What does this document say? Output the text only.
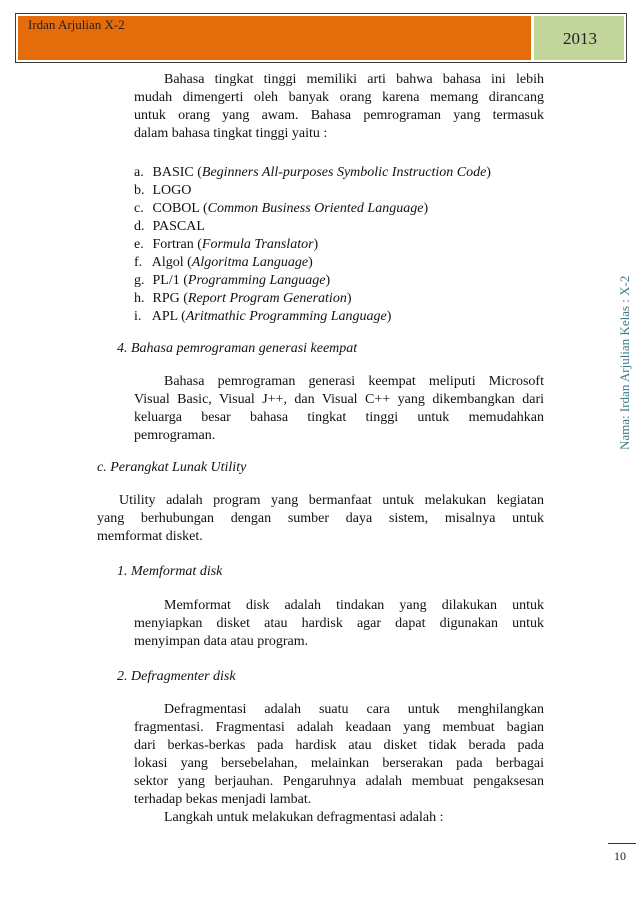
Irdan Arjulian X-2
2013
Nama: Irdan Arjulian Kelas : X-2
Bahasa tingkat tinggi memiliki arti bahwa bahasa ini lebih
mudah dimengerti oleh banyak orang karena memang dirancang
untuk orang yang awam. Bahasa pemrograman yang termasuk
dalam bahasa tingkat tinggi yaitu :
a. BASIC (Beginners All-purposes Symbolic Instruction Code)
b. LOGO
c. COBOL (Common Business Oriented Language)
d. PASCAL
e. Fortran (Formula Translator)
f. Algol (Algoritma Language)
g. PL/1 (Programming Language)
h. RPG (Report Program Generation)
i. APL (Aritmathic Programming Language)
4. Bahasa pemrograman generasi keempat
Bahasa pemrograman generasi keempat meliputi Microsoft
Visual Basic, Visual J++, dan Visual C++ yang dikembangkan dari
keluarga besar bahasa tingkat tinggi untuk memudahkan
pemrograman.
c. Perangkat Lunak Utility
Utility adalah program yang bermanfaat untuk melakukan kegiatan
yang berhubungan dengan sumber daya sistem, misalnya untuk
memformat disket.
1. Memformat disk
Memformat disk adalah tindakan yang dilakukan untuk
menyiapkan disket atau hardisk agar dapat digunakan untuk
menyimpan data atau program.
2. Defragmenter disk
Defragmentasi adalah suatu cara untuk menghilangkan
fragmentasi. Fragmentasi adalah keadaan yang membuat bagian
dari berkas-berkas pada hardisk atau disket tidak berada pada
lokasi yang bersebelahan, melainkan berserakan pada berbagai
sektor yang berjauhan. Pengaruhnya adalah membuat pengaksesan
terhadap bekas menjadi lambat.
Langkah untuk melakukan defragmentasi adalah :
10
